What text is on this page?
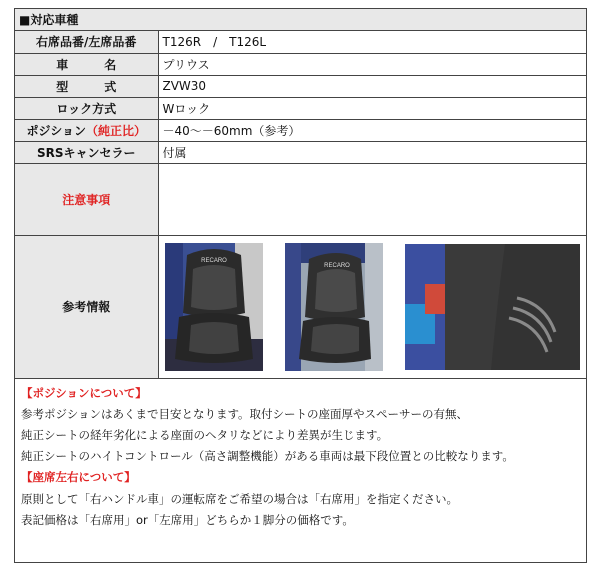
■対応車種
右席品番/左席品番	T126R　/　T126L
車　名	プリウス
型　式	ZVW30
ロック方式	Wロック
ポジション（純正比）	－40～－60mm（参考）
SRSキャンセラー	付属
注意事項	
参考情報	RECARO
RECARO
【ポジションについて】
参考ポジションはあくまで目安となります。取付シートの座面厚やスペーサーの有無、
純正シートの経年劣化による座面のヘタリなどにより差異が生じます。
純正シートのハイトコントロール（高さ調整機能）がある車両は最下段位置との比較なります。
【座席左右について】
原則として「右ハンドル車」の運転席をご希望の場合は「右席用」を指定ください。
表記価格は「右席用」or「左席用」どちらか１脚分の価格です。
